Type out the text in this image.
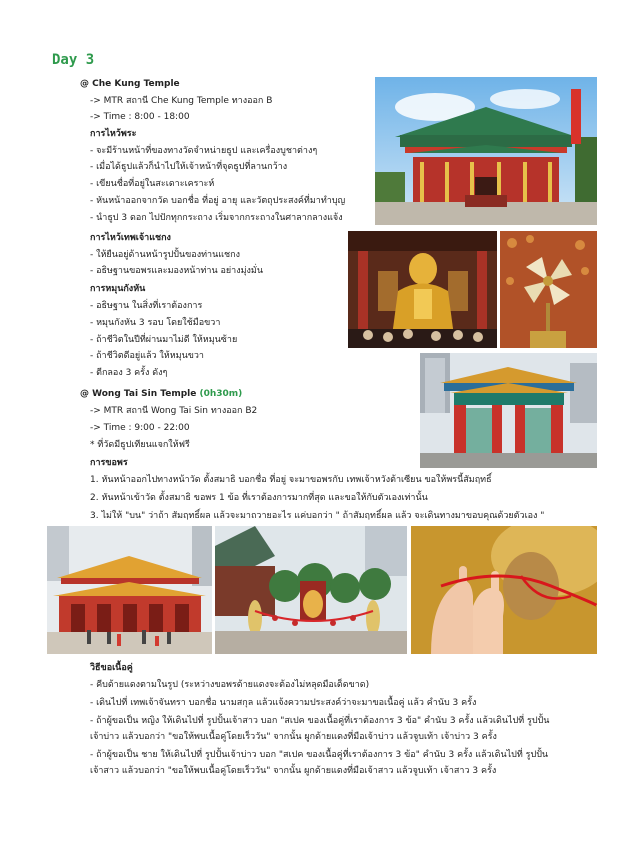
Day 3
@ Che Kung Temple
-> MTR สถานี Che Kung Temple ทางออก B
-> Time : 8:00 - 18:00
การไหว้พระ
- จะมีร้านหน้าที่ของทางวัดจำหน่ายธูป และเครื่องบูชาต่างๆ
- เมื่อได้ธูปแล้วก็นำไปให้เจ้าหน้าที่จุดธูปที่ลานกว้าง
- เขียนชื่อที่อยู่ในสะเดาะเคราะห์
- หันหน้าออกจากวัด บอกชื่อ ที่อยู่ อายุ และวัตถุประสงค์ที่มาทำบุญ
- นำธูป 3 ดอก ไปปักทุกกระถาง เริ่มจากกระถางในศาลากลางแจ้ง
การไหว้เทพเจ้าแชกง
- ให้ยืนอยู่ด้านหน้ารูปปั้นของท่านแชกง
- อธิษฐานขอพรและมองหน้าท่าน อย่างมุ่งมั่น
การหมุนกังหัน
- อธิษฐาน ในสิ่งที่เราต้องการ
- หมุนกังหัน 3 รอบ โดยใช้มือขวา
- ถ้าชีวิตในปีที่ผ่านมาไม่ดี ให้หมุนซ้าย
- ถ้าชีวิตดีอยู่แล้ว ให้หมุนขวา
- ตีกลอง 3 ครั้ง ดังๆ
@ Wong Tai Sin Temple (0h30m)
-> MTR สถานี Wong Tai Sin ทางออก B2
-> Time : 9:00 - 22:00
* ที่วัดมีธูปเทียนแจกให้ฟรี
การขอพร
1. หันหน้าออกไปทางหน้าวัด ตั้งสมาธิ บอกชื่อ ที่อยู่ จะมาขอพรกับ เทพเจ้าหวังต้าเซียน ขอให้พรนี้สัมฤทธิ์
2. หันหน้าเข้าวัด ตั้งสมาธิ ขอพร 1 ข้อ ที่เราต้องการมากที่สุด และขอให้กับตัวเองเท่านั้น
3. ไม่ให้ "บน" ว่าถ้า สัมฤทธิ์ผล แล้วจะมาถวายอะไร แค่บอกว่า " ถ้าสัมฤทธิ์ผล แล้ว จะเดินทางมาขอบคุณด้วยตัวเอง "
วิธีขอเนื้อคู่
- คีบด้ายแดงตามในรูป (ระหว่างขอพรด้ายแดงจะต้องไม่หลุดมือเด็ดขาด)
- เดินไปที่ เทพเจ้าจันทรา บอกชื่อ นามสกุล แล้วแจ้งความประสงค์ว่าจะมาขอเนื้อคู่ แล้ว คำนับ 3 ครั้ง
- ถ้าผู้ขอเป็น หญิง ให้เดินไปที่ รูปปั้นเจ้าสาว บอก "สเปค ของเนื้อคู่ที่เราต้องการ 3 ข้อ" คำนับ 3 ครั้ง แล้วเดินไปที่ รูปปั้น
เจ้าบ่าว แล้วบอกว่า "ขอให้พบเนื้อคู่โดยเร็ววัน" จากนั้น ผูกด้ายแดงที่มือเจ้าบ่าว แล้วจูบเท้า เจ้าบ่าว 3 ครั้ง
- ถ้าผู้ขอเป็น ชาย ให้เดินไปที่ รูปปั้นเจ้าบ่าว บอก "สเปค ของเนื้อคู่ที่เราต้องการ 3 ข้อ" คำนับ 3 ครั้ง แล้วเดินไปที่ รูปปั้น
เจ้าสาว แล้วบอกว่า "ขอให้พบเนื้อคู่โดยเร็ววัน" จากนั้น ผูกด้ายแดงที่มือเจ้าสาว แล้วจูบเท้า เจ้าสาว 3 ครั้ง
